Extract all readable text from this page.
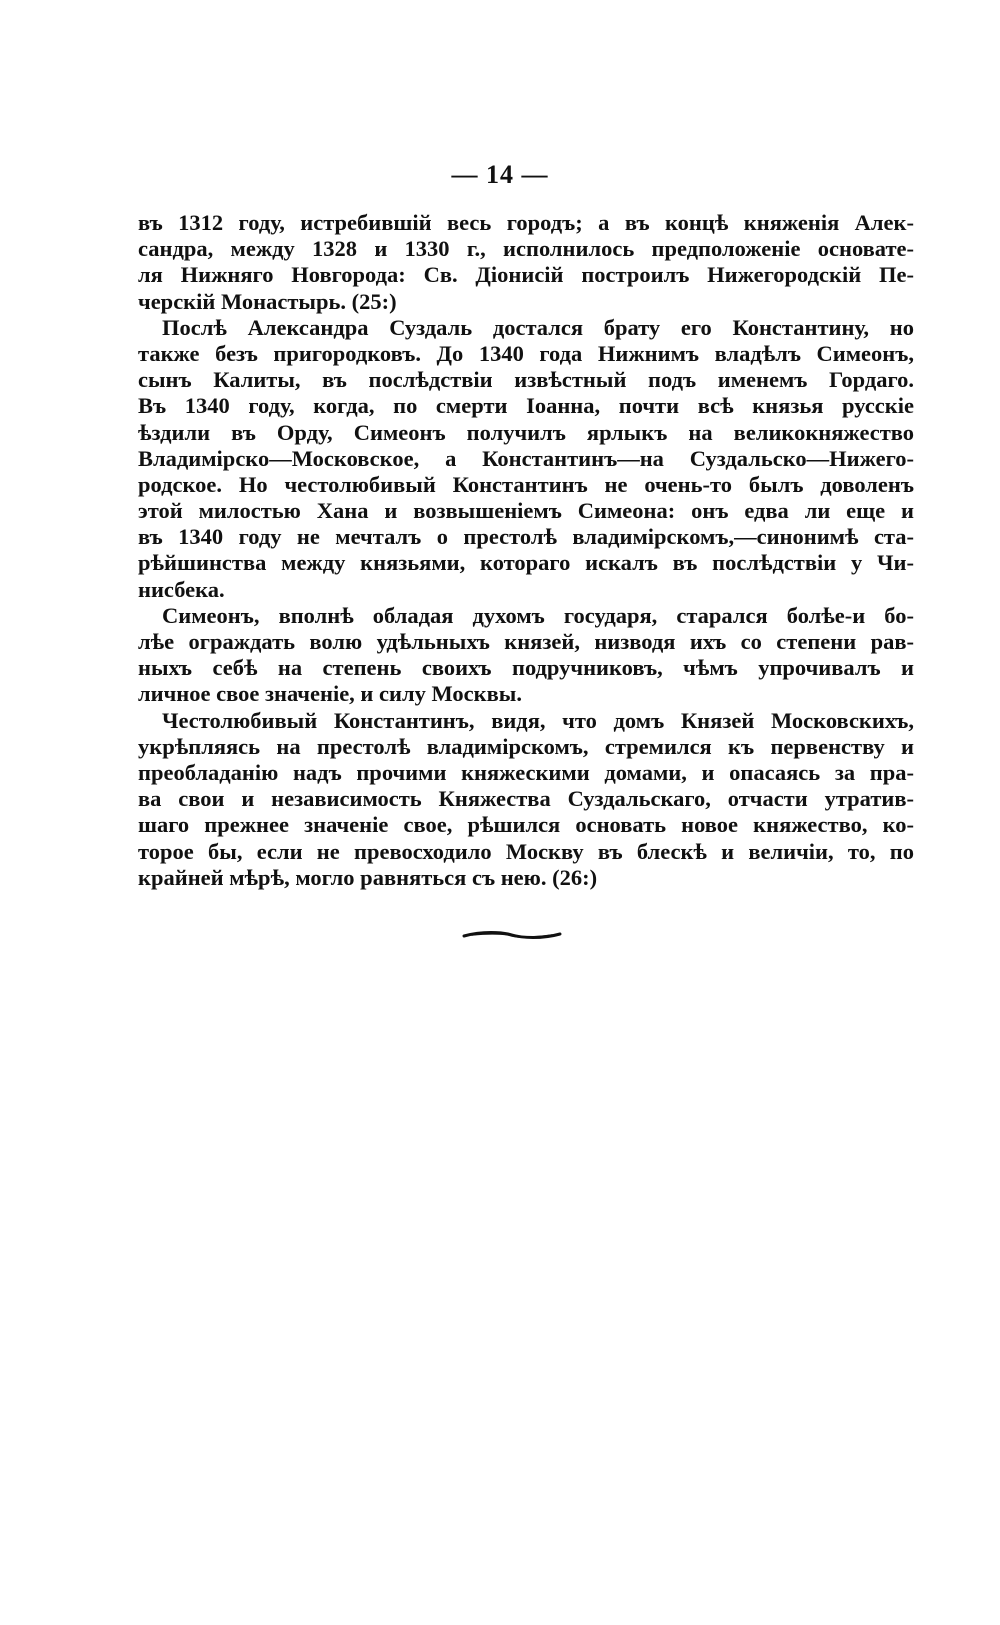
— 14 —
въ 1312 году, истребившій весь городъ; а въ концѣ княженія Алек-
сандра, между 1328 и 1330 г., исполнилось предположеніе основате-
ля Нижняго Новгорода: Св. Діонисій построилъ Нижегородскій Пе-
черскій Монастырь. (25:)
Послѣ Александра Суздаль достался брату его Константину, но
также безъ пригородковъ. До 1340 года Нижнимъ владѣлъ Симеонъ,
сынъ Калиты, въ послѣдствіи извѣстный подъ именемъ Гордаго.
Въ 1340 году, когда, по смерти Іоанна, почти всѣ князья русскіе
ѣздили въ Орду, Симеонъ получилъ ярлыкъ на великокняжество
Владимірско—Московское, а Константинъ—на Суздальско—Нижего-
родское. Но честолюбивый Константинъ не очень-то былъ доволенъ
этой милостью Хана и возвышеніемъ Симеона: онъ едва ли еще и
въ 1340 году не мечталъ о престолѣ владимірскомъ,—синонимѣ ста-
рѣйшинства между князьями, котораго искалъ въ послѣдствіи у Чи-
нисбека.
Симеонъ, вполнѣ обладая духомъ государя, старался болѣе-и бо-
лѣе ограждать волю удѣльныхъ князей, низводя ихъ со степени рав-
ныхъ себѣ на степень своихъ подручниковъ, чѣмъ упрочивалъ и
личное свое значеніе, и силу Москвы.
Честолюбивый Константинъ, видя, что домъ Князей Московскихъ,
укрѣпляясь на престолѣ владимірскомъ, стремился къ первенству и
преобладанію надъ прочими княжескими домами, и опасаясь за пра-
ва свои и независимость Княжества Суздальскаго, отчасти утратив-
шаго прежнее значеніе свое, рѣшился основать новое княжество, ко-
торое бы, если не превосходило Москву въ блескѣ и величіи, то, по
крайней мѣрѣ, могло равняться съ нею. (26:)
